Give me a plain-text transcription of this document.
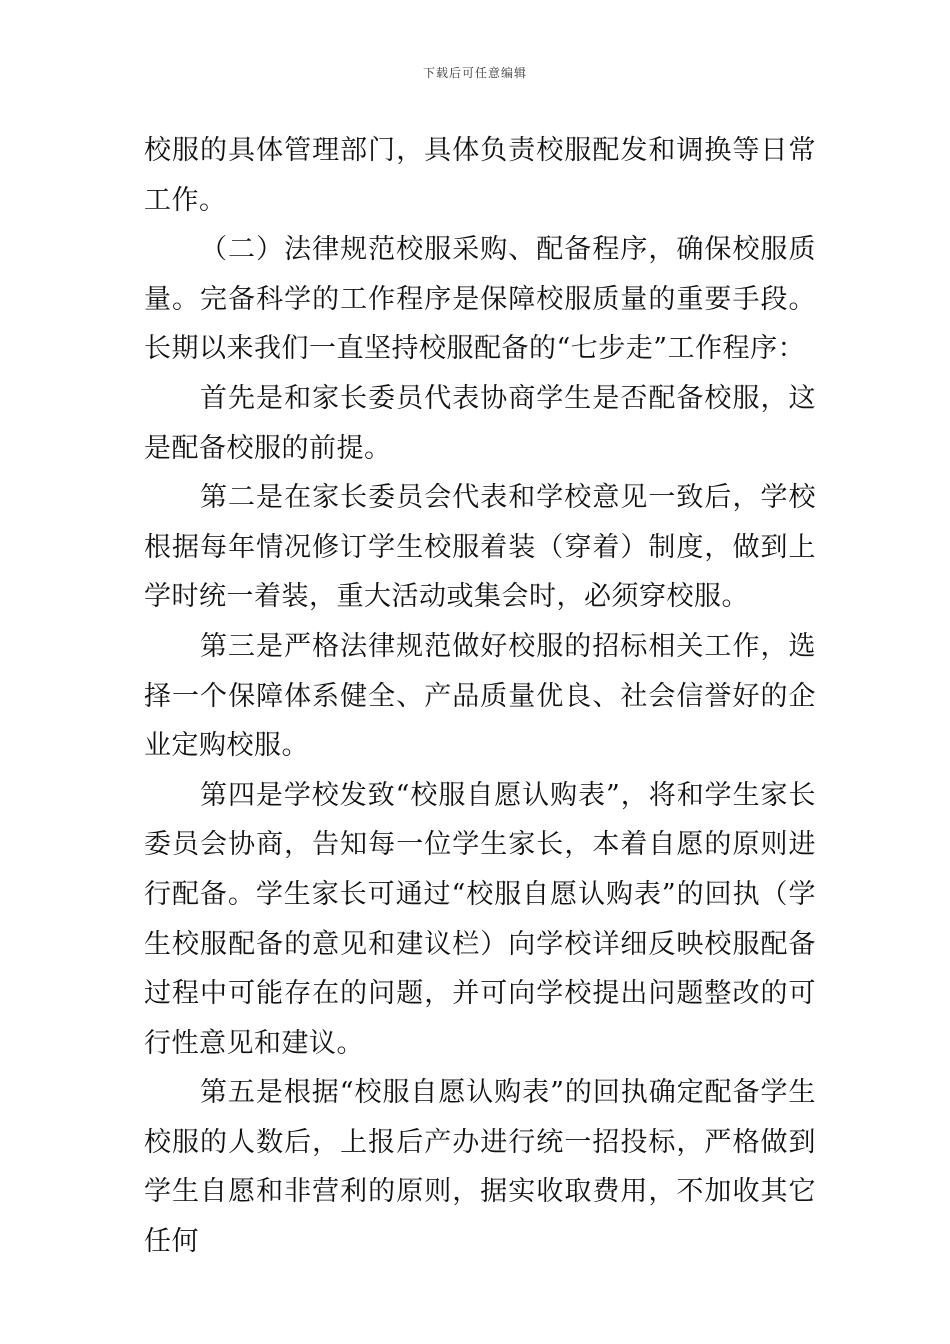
下载后可任意编辑

校服的具体管理部门，具体负责校服配发和调换等日常工作。

（二）法律规范校服采购、配备程序，确保校服质量。完备科学的工作程序是保障校服质量的重要手段。长期以来我们一直坚持校服配备的“七步走”工作程序：

首先是和家长委员代表协商学生是否配备校服，这是配备校服的前提。

第二是在家长委员会代表和学校意见一致后，学校根据每年情况修订学生校服着装（穿着）制度，做到上学时统一着装，重大活动或集会时，必须穿校服。

第三是严格法律规范做好校服的招标相关工作，选择一个保障体系健全、产品质量优良、社会信誉好的企业定购校服。

第四是学校发致“校服自愿认购表”，将和学生家长委员会协商，告知每一位学生家长，本着自愿的原则进行配备。学生家长可通过“校服自愿认购表”的回执（学生校服配备的意见和建议栏）向学校详细反映校服配备过程中可能存在的问题，并可向学校提出问题整改的可行性意见和建议。

第五是根据“校服自愿认购表”的回执确定配备学生校服的人数后，上报后产办进行统一招投标，严格做到学生自愿和非营利的原则，据实收取费用，不加收其它任何
